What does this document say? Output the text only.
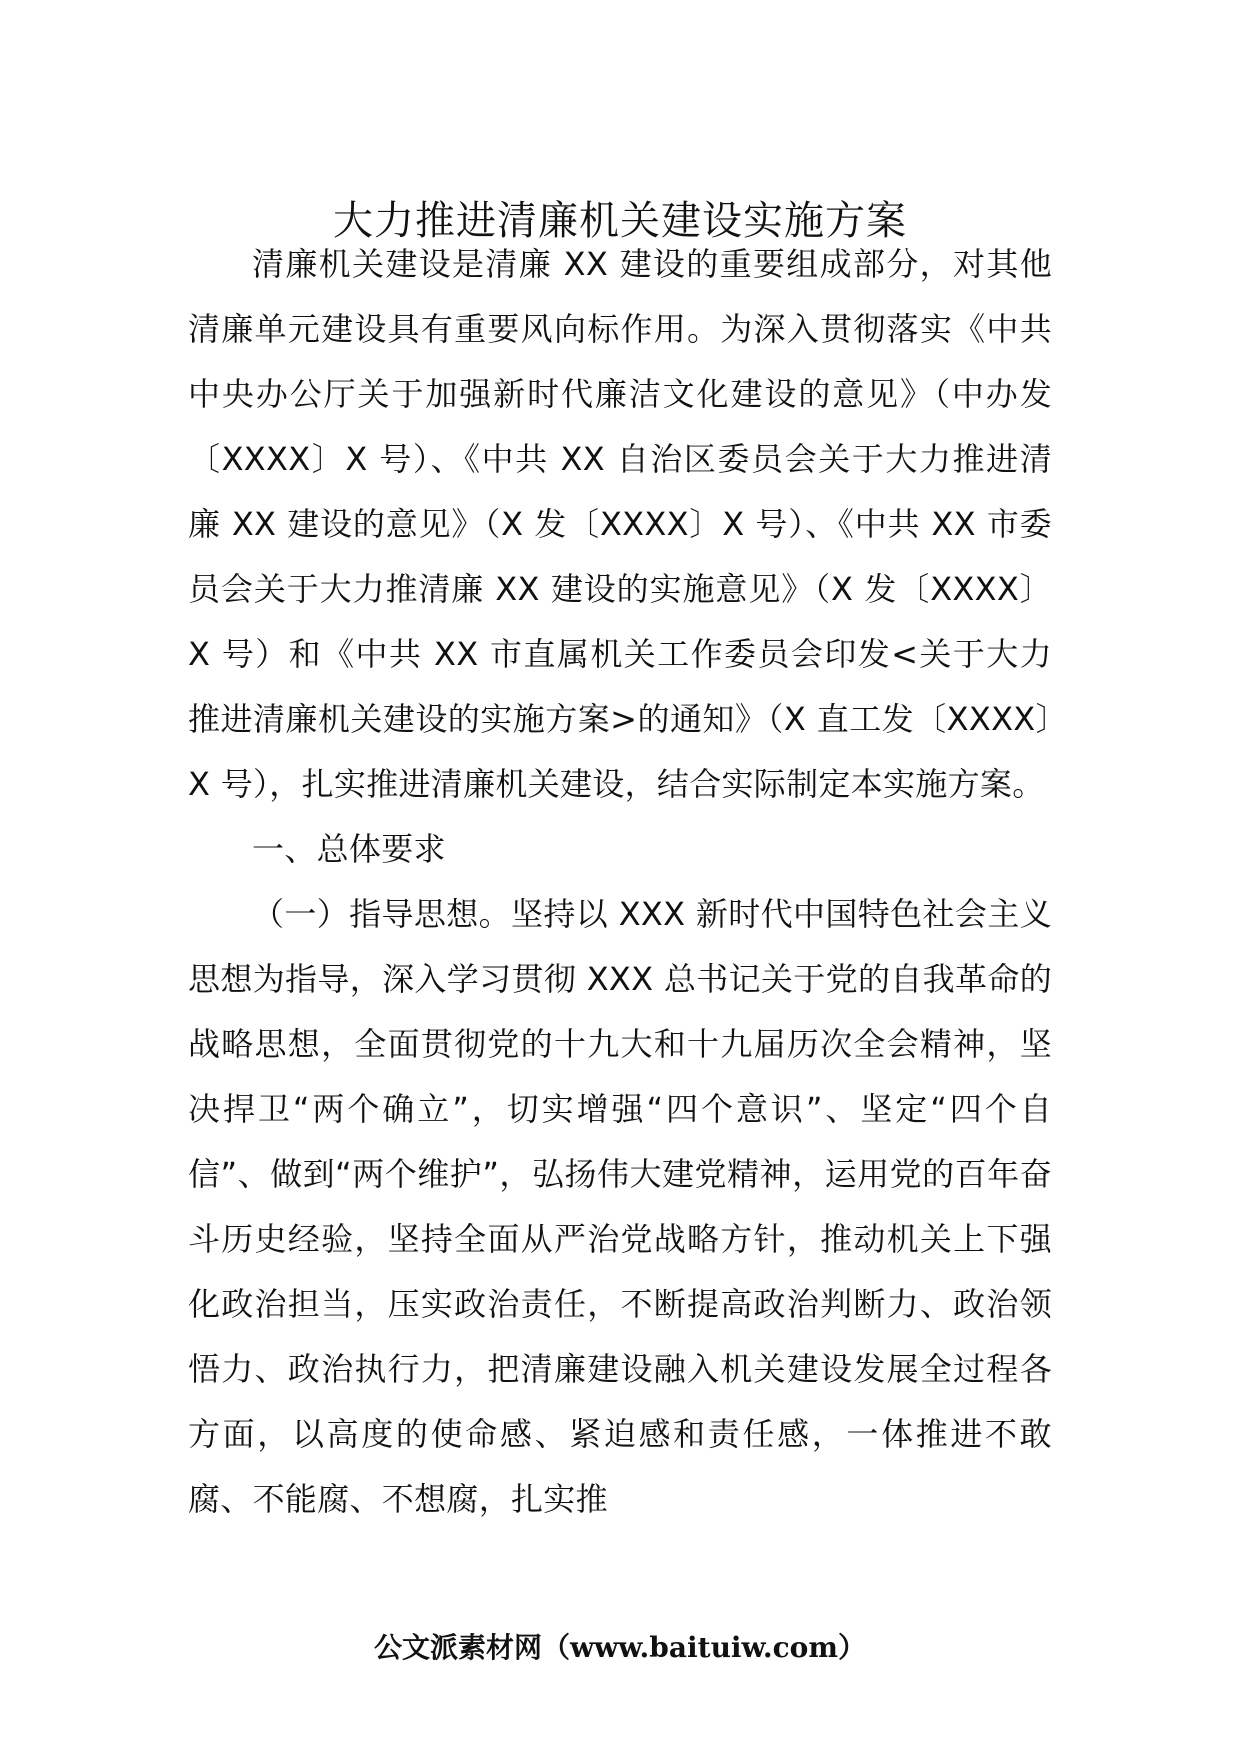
大力推进清廉机关建设实施方案

清廉机关建设是清廉 XX 建设的重要组成部分，对其他清廉单元建设具有重要风向标作用。为深入贯彻落实《中共中央办公厅关于加强新时代廉洁文化建设的意见》（中办发〔XXXX〕X 号）、《中共 XX 自治区委员会关于大力推进清廉 XX 建设的意见》（X 发〔XXXX〕X 号）、《中共 XX 市委员会关于大力推清廉 XX 建设的实施意见》（X 发〔XXXX〕X 号）和《中共 XX 市直属机关工作委员会印发<关于大力推进清廉机关建设的实施方案>的通知》（X 直工发〔XXXX〕X 号），扎实推进清廉机关建设，结合实际制定本实施方案。

一、总体要求

（一）指导思想。坚持以 XXX 新时代中国特色社会主义思想为指导，深入学习贯彻 XXX 总书记关于党的自我革命的战略思想，全面贯彻党的十九大和十九届历次全会精神，坚决捍卫“两个确立”，切实增强“四个意识”、坚定“四个自信”、做到“两个维护”，弘扬伟大建党精神，运用党的百年奋斗历史经验，坚持全面从严治党战略方针，推动机关上下强化政治担当，压实政治责任，不断提高政治判断力、政治领悟力、政治执行力，把清廉建设融入机关建设发展全过程各方面，以高度的使命感、紧迫感和责任感，一体推进不敢腐、不能腐、不想腐，扎实推

公文派素材网（www.baituiw.com）
